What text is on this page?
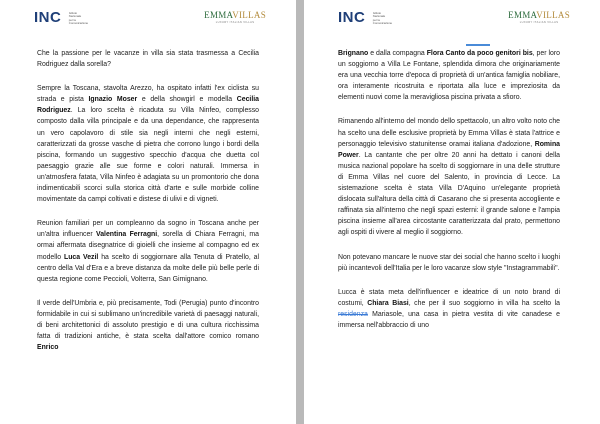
INC	Istituto
Nazionale
per la
Comunicazione
EMMAVILLAS
LUXURY ITALIAN VILLAS

Che la passione per le vacanze in villa sia stata trasmessa a Cecilia Rodriguez dalla sorella?

Sempre la Toscana, stavolta Arezzo, ha ospitato infatti l'ex ciclista su strada e pista Ignazio Moser e della showgirl e modella Cecilia Rodriguez. La loro scelta è ricaduta su Villa Ninfeo, complesso composto dalla villa principale e da una dependance, che rappresenta un vero capolavoro di stile sia negli interni che negli esterni, caratterizzati da grosse vasche di pietra che corrono lungo i bordi della piscina, formando un suggestivo specchio d'acqua che duetta col paesaggio grazie alle sue forme e colori naturali. Immersa in un'atmosfera fatata, Villa Ninfeo è adagiata su un promontorio che dona indimenticabili scorci sulla storica città d'arte e sulle morbide colline movimentate da campi coltivati e distese di ulivi e di vigneti.

Reunion familiari per un compleanno da sogno in Toscana anche per un'altra influencer Valentina Ferragni, sorella di Chiara Ferragni, ma ormai affermata disegnatrice di gioielli che insieme al compagno ed ex modello Luca Vezil ha scelto di soggiornare alla Tenuta di Pratello, al centro della Val d'Era e a breve distanza da molte delle più belle perle di questa regione come Peccioli, Volterra, San Gimignano.

Il verde dell'Umbria e, più precisamente, Todi (Perugia) punto d'incontro formidabile in cui si sublimano un'incredibile varietà di paesaggi naturali, di beni architettonici di assoluto prestigio e di una cultura ricchissima fatta di tradizioni antiche, è stata scelta dall'attore comico romano Enrico

INC	Istituto
Nazionale
per la
Comunicazione
EMMAVILLAS
LUXURY ITALIAN VILLAS

Brignano e dalla compagna Flora Canto da poco genitori bis, per loro un soggiorno a Villa Le Fontane, splendida dimora che originariamente era una vecchia torre d'epoca di proprietà di un'antica famiglia nobiliare, ora interamente ricostruita e riportata alla luce e impreziosita da elementi nuovi come la meravigliosa piscina privata a sfioro.

Rimanendo all'interno del mondo dello spettacolo, un altro volto noto che ha scelto una delle esclusive proprietà by Emma Villas è stata l'attrice e personaggio televisivo statunitense oramai italiana d'adozione, Romina Power. La cantante che per oltre 20 anni ha dettato i canoni della musica nazional popolare ha scelto di soggiornare in una delle strutture di Emma Villas nel cuore del Salento, in provincia di Lecce. La sistemazione scelta è stata Villa D'Aquino un'elegante proprietà dislocata sull'altura della città di Casarano che si presenta accogliente e raffinata sia all'interno che negli spazi esterni: il grande salone e l'ampia piscina insieme all'area circostante caratterizzata dal prato, permettono agli ospiti di vivere al meglio il soggiorno.

Non potevano mancare le nuove star dei social che hanno scelto i luoghi più incantevoli dell'Italia per le loro vacanze slow style "Instagrammabili".

Lucca è stata meta dell'influencer e ideatrice di un noto brand di costumi, Chiara Biasi, che per il suo soggiorno in villa ha scelto la residenza Mariasole, una casa in pietra vestita di vite canadese e immersa nell'abbraccio di uno
